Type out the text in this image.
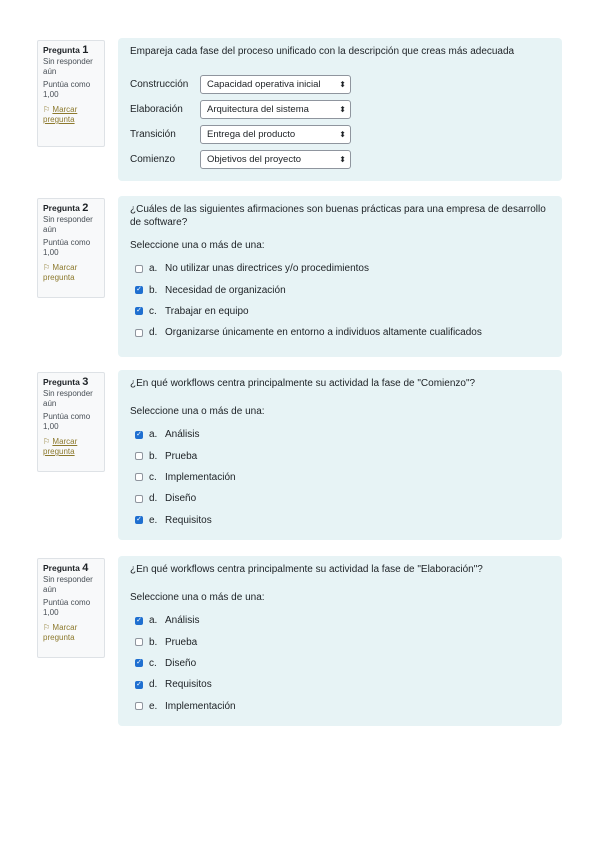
Pregunta 1
Sin responder aún
Puntúa como 1,00
⚐ Marcar pregunta
Empareja cada fase del proceso unificado con la descripción que creas más adecuada
Construcción	Capacidad operativa inicial ⬍
Elaboración	Arquitectura del sistema	⬍
Transición	Entrega del producto	⬍
Comienzo	Objetivos del proyecto	⬍
Pregunta 2
Sin responder aún
Puntúa como 1,00
⚐ Marcar pregunta
¿Cuáles de las siguientes afirmaciones son buenas prácticas para una empresa de desarrollo de software?
Seleccione una o más de una:
a. No utilizar unas directrices y/o procedimientos
✓ b. Necesidad de organización
✓ c. Trabajar en equipo
d. Organizarse únicamente en entorno a individuos altamente cualificados
Pregunta 3
Sin responder aún
Puntúa como 1,00
⚐ Marcar pregunta
¿En qué workflows centra principalmente su actividad la fase de "Comienzo"?
Seleccione una o más de una:
✓ a. Análisis
b. Prueba
c. Implementación
d. Diseño
✓ e. Requisitos
Pregunta 4
Sin responder aún
Puntúa como 1,00
⚐ Marcar pregunta
¿En qué workflows centra principalmente su actividad la fase de "Elaboración"?
Seleccione una o más de una:
✓ a. Análisis
b. Prueba
✓ c. Diseño
✓ d. Requisitos
e. Implementación
